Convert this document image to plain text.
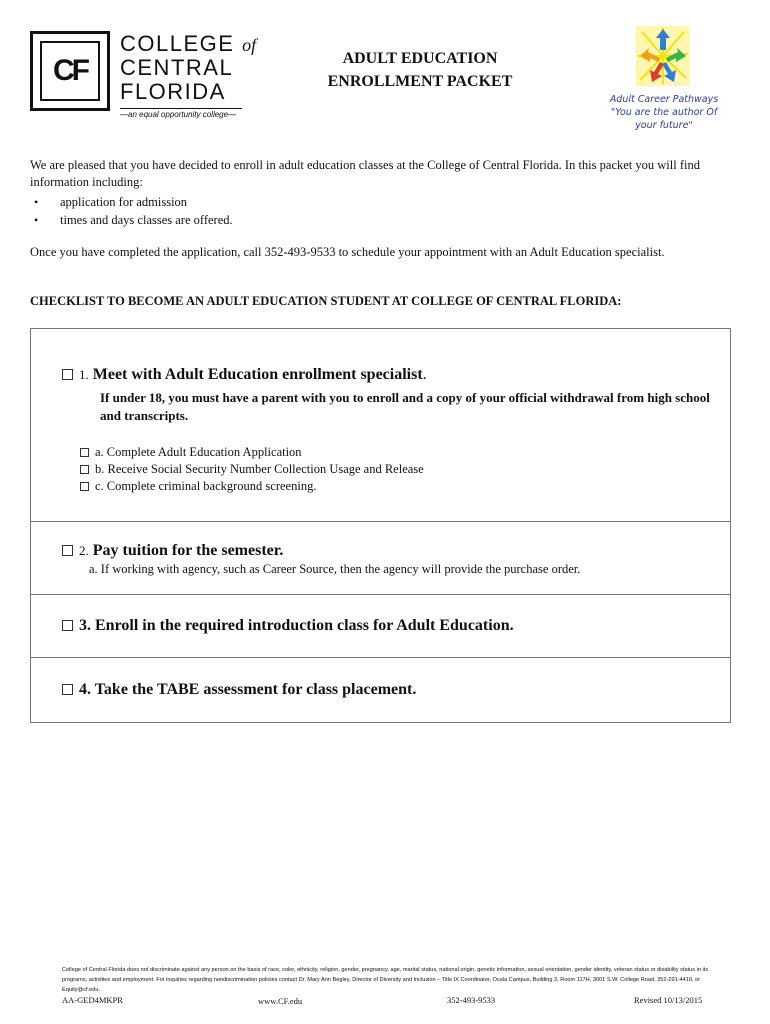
CF
COLLEGE of
CENTRAL
FLORIDA
—an equal opportunity college—
ADULT EDUCATION
ENROLLMENT PACKET
Adult Career Pathways
"You are the author Of
your future"
We are pleased that you have decided to enroll in adult education classes at the College of Central Florida. In this packet you will find information including:
•	application for admission
•	times and days classes are offered.
Once you have completed the application, call 352-493-9533 to schedule your appointment with an Adult Education specialist.
CHECKLIST TO BECOME AN ADULT EDUCATION STUDENT AT COLLEGE OF CENTRAL FLORIDA:
1. Meet with Adult Education enrollment specialist.
If under 18, you must have a parent with you to enroll and a copy of your official withdrawal from high school and transcripts.
a. Complete Adult Education Application
b. Receive Social Security Number Collection Usage and Release
c. Complete criminal background screening.
2. Pay tuition for the semester.
a. If working with agency, such as Career Source, then the agency will provide the purchase order.
3. Enroll in the required introduction class for Adult Education.
4. Take the TABE assessment for class placement.
College of Central Florida does not discriminate against any person on the basis of race, color, ethnicity, religion, gender, pregnancy, age, marital status, national origin, genetic information, sexual orientation, gender identity, veteran status or disability status in its programs, activities and employment. For inquiries regarding nondiscrimination policies contact Dr. Mary Ann Begley, Director of Diversity and Inclusion – Title IX Coordinator, Ocala Campus, Building 3, Room 117H, 3001 S.W. College Road, 352-291-4410, or Equity@cf.edu.
AA-GED4MKPR	www.CF.edu	352-493-9533	Revised 10/13/2015
